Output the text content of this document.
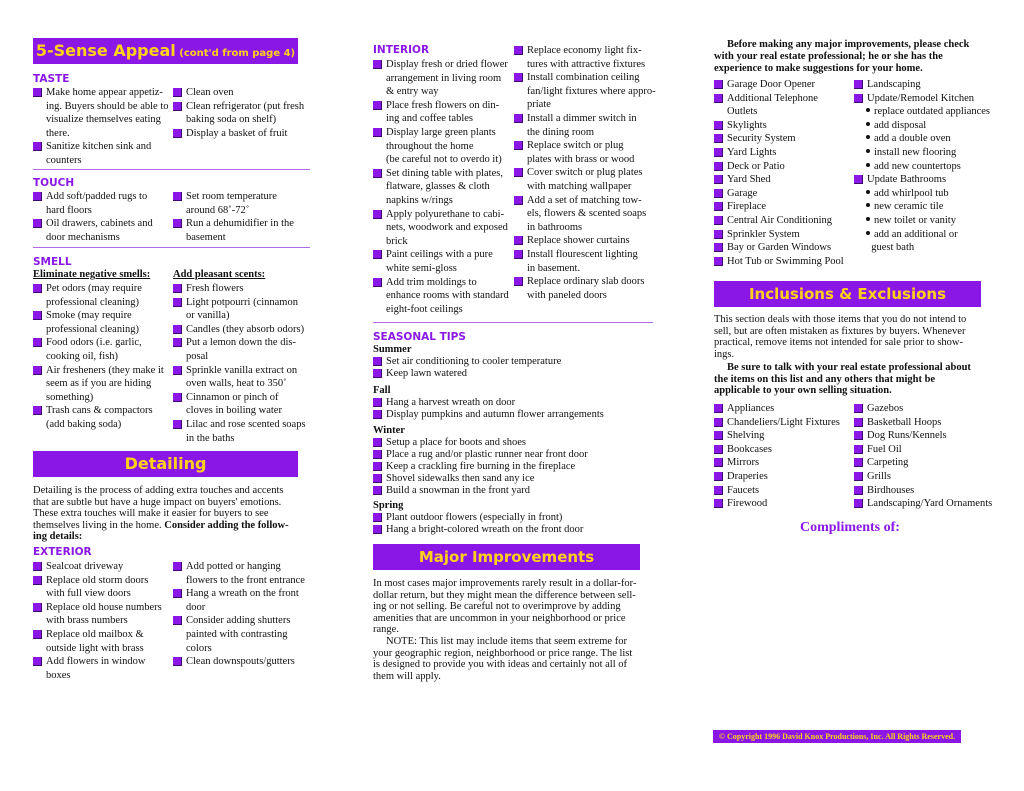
5-Sense Appeal (cont'd from page 4)
TASTE
Make home appear appetiz-
ing. Buyers should be able to
visualize themselves eating
there.
Sanitize kitchen sink and
counters
Clean oven
Clean refrigerator (put fresh
baking soda on shelf)
Display a basket of fruit
TOUCH
Add soft/padded rugs to
hard floors
Oil drawers, cabinets and
door mechanisms
Set room temperature
around 68˚-72˚
Run a dehumidifier in the
basement
SMELL
Eliminate negative smells: Add pleasant scents:
Pet odors (may require
professional cleaning)
Smoke (may require
professional cleaning)
Food odors (i.e. garlic,
cooking oil, fish)
Air fresheners (they make it
seem as if you are hiding
something)
Trash cans & compactors
(add baking soda)
Fresh flowers
Light potpourri (cinnamon
or vanilla)
Candles (they absorb odors)
Put a lemon down the dis-
posal
Sprinkle vanilla extract on
oven walls, heat to 350˚
Cinnamon or pinch of
cloves in boiling water
Lilac and rose scented soaps
in the baths
Detailing
Detailing is the process of adding extra touches and accents
that are subtle but have a huge impact on buyers' emotions.
These extra touches will make it easier for buyers to see
themselves living in the home. Consider adding the follow-
ing details:
EXTERIOR
Sealcoat driveway
Replace old storm doors
with full view doors
Replace old house numbers
with brass numbers
Replace old mailbox &
outside light with brass
Add flowers in window
boxes
Add potted or hanging
flowers to the front entrance
Hang a wreath on the front
door
Consider adding shutters
painted with contrasting
colors
Clean downspouts/gutters
INTERIOR
Display fresh or dried flower
arrangement in living room
& entry way
Place fresh flowers on din-
ing and coffee tables
Display large green plants
throughout the home
(be careful not to overdo it)
Set dining table with plates,
flatware, glasses & cloth
napkins w/rings
Apply polyurethane to cabi-
nets, woodwork and exposed
brick
Paint ceilings with a pure
white semi-gloss
Add trim moldings to
enhance rooms with standard
eight-foot ceilings
Replace economy light fix-
tures with attractive fixtures
Install combination ceiling
fan/light fixtures where appro-
priate
Install a dimmer switch in
the dining room
Replace switch or plug
plates with brass or wood
Cover switch or plug plates
with matching wallpaper
Add a set of matching tow-
els, flowers & scented soaps
in bathrooms
Replace shower curtains
Install flourescent lighting
in basement.
Replace ordinary slab doors
with paneled doors
SEASONAL TIPS
Summer
Set air conditioning to cooler temperature
Keep lawn watered
Fall
Hang a harvest wreath on door
Display pumpkins and autumn flower arrangements
Winter
Setup a place for boots and shoes
Place a rug and/or plastic runner near front door
Keep a crackling fire burning in the fireplace
Shovel sidewalks then sand any ice
Build a snowman in the front yard
Spring
Plant outdoor flowers (especially in front)
Hang a bright-colored wreath on the front door
Major Improvements
In most cases major improvements rarely result in a dollar-for-
dollar return, but they might mean the difference between sell-
ing or not selling. Be careful not to overimprove by adding
amenities that are uncommon in your neighborhood or price
range.
NOTE: This list may include items that seem extreme for
your geographic region, neighborhood or price range. The list
is designed to provide you with ideas and certainly not all of
them will apply.
Before making any major improvements, please check
with your real estate professional; he or she has the
experience to make suggestions for your home.
Garage Door Opener
Additional Telephone
Outlets
Skylights
Security System
Yard Lights
Deck or Patio
Yard Shed
Garage
Fireplace
Central Air Conditioning
Sprinkler System
Bay or Garden Windows
Hot Tub or Swimming Pool
Landscaping
Update/Remodel Kitchen
replace outdated appliances
add disposal
add a double oven
install new flooring
add new countertops
Update Bathrooms
add whirlpool tub
new ceramic tile
new toilet or vanity
add an additional or
guest bath
Inclusions & Exclusions
This section deals with those items that you do not intend to
sell, but are often mistaken as fixtures by buyers. Whenever
practical, remove items not intended for sale prior to show-
ings.
Be sure to talk with your real estate professional about
the items on this list and any others that might be
applicable to your own selling situation.
Appliances
Chandeliers/Light Fixtures
Shelving
Bookcases
Mirrors
Draperies
Faucets
Firewood
Gazebos
Basketball Hoops
Dog Runs/Kennels
Fuel Oil
Carpeting
Grills
Birdhouses
Landscaping/Yard Ornaments
Compliments of:
© Copyright 1996 David Knox Productions, Inc. All Rights Reserved.
